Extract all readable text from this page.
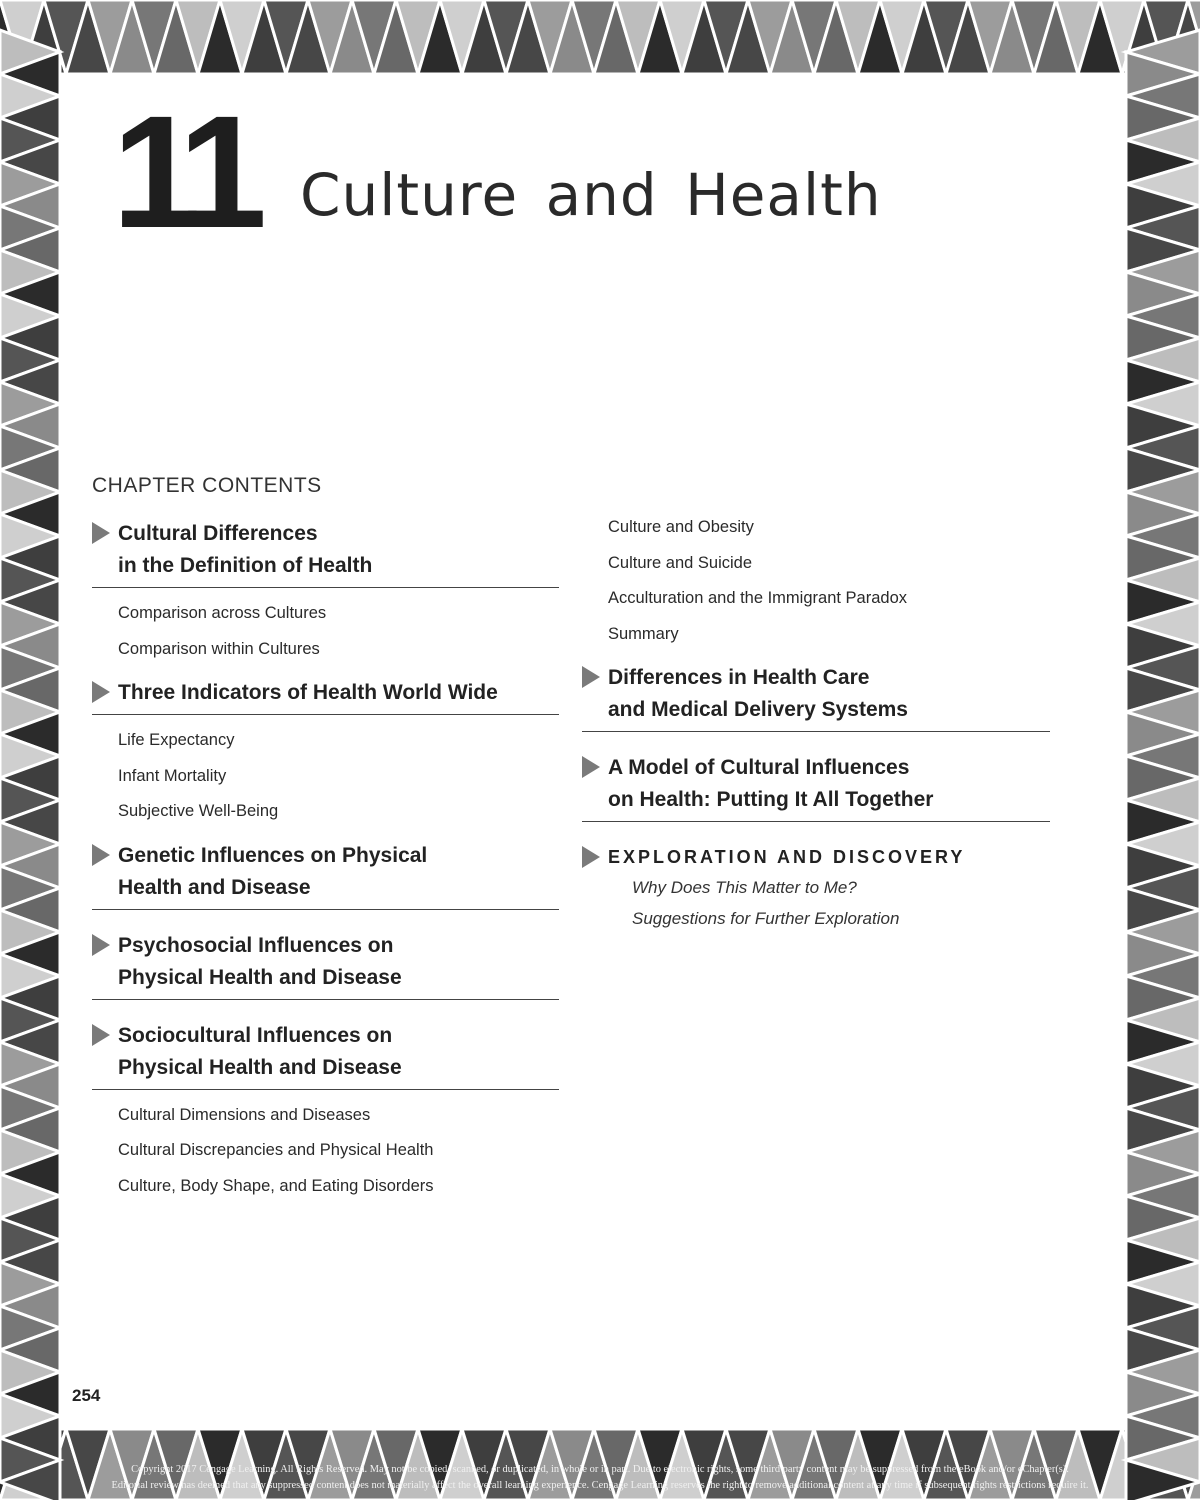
11 Culture and Health
CHAPTER CONTENTS
Cultural Differences
in the Definition of Health
Comparison across Cultures
Comparison within Cultures
Three Indicators of Health World Wide
Life Expectancy
Infant Mortality
Subjective Well-Being
Genetic Influences on Physical
Health and Disease
Psychosocial Influences on
Physical Health and Disease
Sociocultural Influences on
Physical Health and Disease
Cultural Dimensions and Diseases
Cultural Discrepancies and Physical Health
Culture, Body Shape, and Eating Disorders
Culture and Obesity
Culture and Suicide
Acculturation and the Immigrant Paradox
Summary
Differences in Health Care
and Medical Delivery Systems
A Model of Cultural Influences
on Health: Putting It All Together
EXPLORATION AND DISCOVERY
Why Does This Matter to Me?
Suggestions for Further Exploration
254
Copyright 2017 Cengage Learning. All Rights Reserved. May not be copied, scanned, or duplicated, in whole or in part. Due to electronic rights, some third party content may be suppressed from the eBook and/or eChapter(s).
Editorial review has deemed that any suppressed content does not materially affect the overall learning experience. Cengage Learning reserves the right to remove additional content at any time if subsequent rights restrictions require it.
